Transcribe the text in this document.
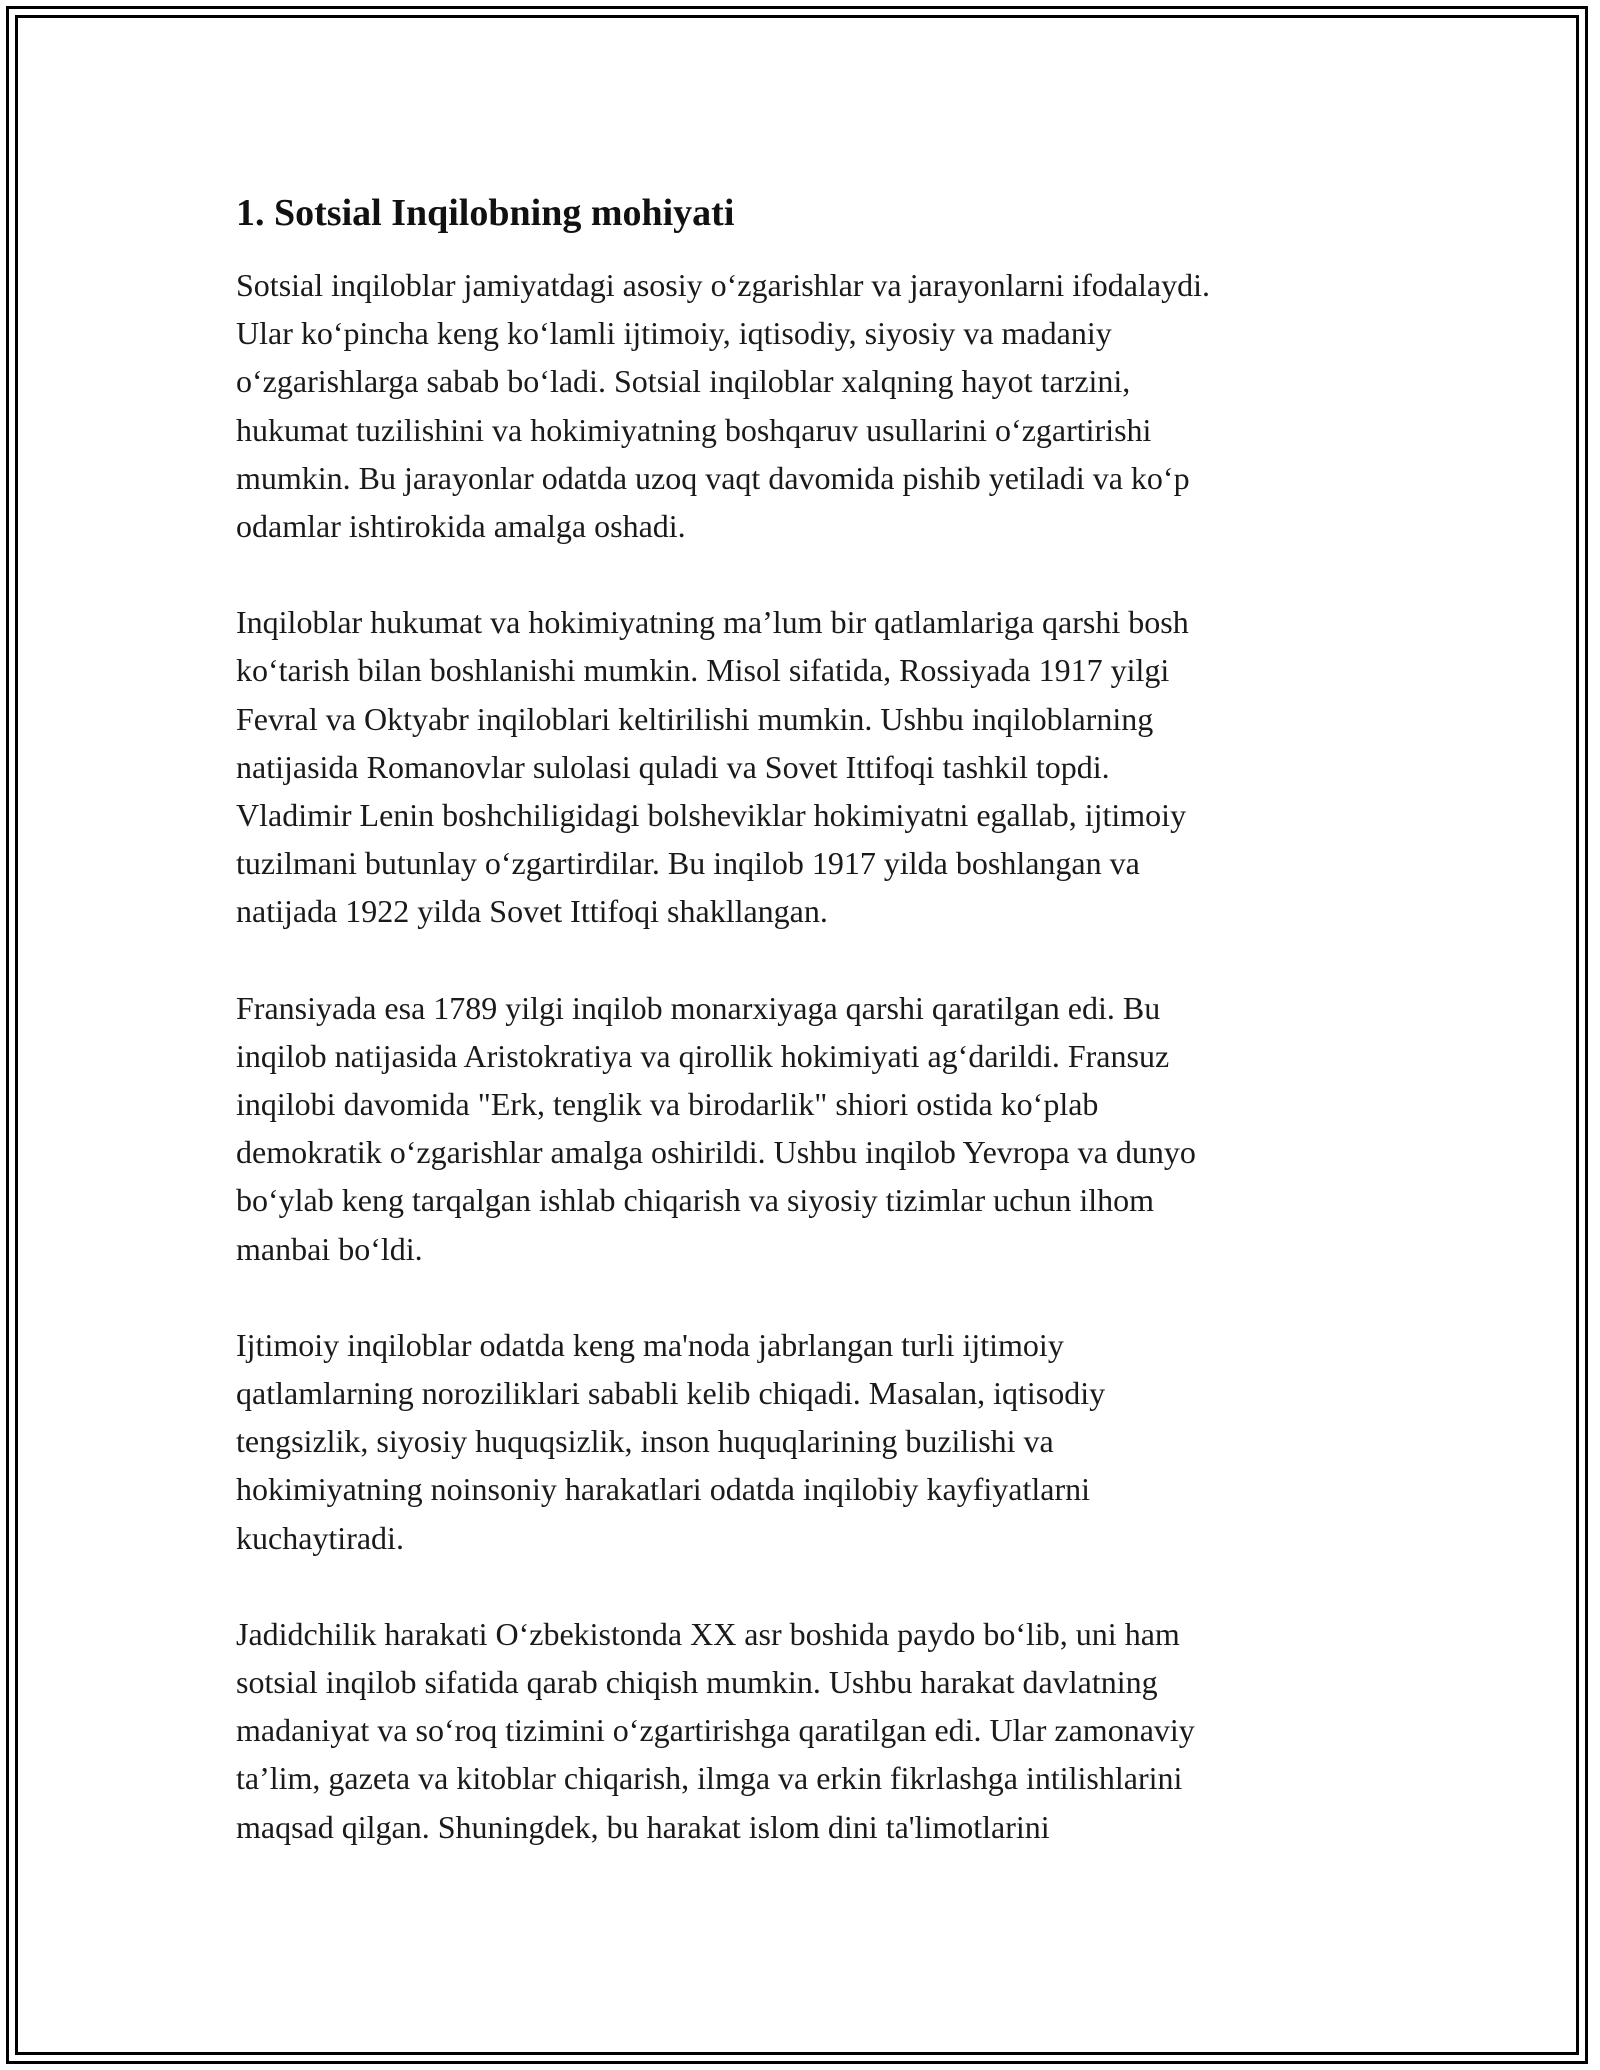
1. Sotsial Inqilobning mohiyati

Sotsial inqiloblar jamiyatdagi asosiy o‘zgarishlar va jarayonlarni ifodalaydi.
Ular ko‘pincha keng ko‘lamli ijtimoiy, iqtisodiy, siyosiy va madaniy
o‘zgarishlarga sabab bo‘ladi. Sotsial inqiloblar xalqning hayot tarzini,
hukumat tuzilishini va hokimiyatning boshqaruv usullarini o‘zgartirishi
mumkin. Bu jarayonlar odatda uzoq vaqt davomida pishib yetiladi va ko‘p
odamlar ishtirokida amalga oshadi.

Inqiloblar hukumat va hokimiyatning ma’lum bir qatlamlariga qarshi bosh
ko‘tarish bilan boshlanishi mumkin. Misol sifatida, Rossiyada 1917 yilgi
Fevral va Oktyabr inqiloblari keltirilishi mumkin. Ushbu inqiloblarning
natijasida Romanovlar sulolasi quladi va Sovet Ittifoqi tashkil topdi.
Vladimir Lenin boshchiligidagi bolsheviklar hokimiyatni egallab, ijtimoiy
tuzilmani butunlay o‘zgartirdilar. Bu inqilob 1917 yilda boshlangan va
natijada 1922 yilda Sovet Ittifoqi shakllangan.

Fransiyada esa 1789 yilgi inqilob monarxiyaga qarshi qaratilgan edi. Bu
inqilob natijasida Aristokratiya va qirollik hokimiyati ag‘darildi. Fransuz
inqilobi davomida "Erk, tenglik va birodarlik" shiori ostida ko‘plab
demokratik o‘zgarishlar amalga oshirildi. Ushbu inqilob Yevropa va dunyo
bo‘ylab keng tarqalgan ishlab chiqarish va siyosiy tizimlar uchun ilhom
manbai bo‘ldi.

Ijtimoiy inqiloblar odatda keng ma'noda jabrlangan turli ijtimoiy
qatlamlarning noroziliklari sababli kelib chiqadi. Masalan, iqtisodiy
tengsizlik, siyosiy huquqsizlik, inson huquqlarining buzilishi va
hokimiyatning noinsoniy harakatlari odatda inqilobiy kayfiyatlarni
kuchaytiradi.

Jadidchilik harakati O‘zbekistonda XX asr boshida paydo bo‘lib, uni ham
sotsial inqilob sifatida qarab chiqish mumkin. Ushbu harakat davlatning
madaniyat va so‘roq tizimini o‘zgartirishga qaratilgan edi. Ular zamonaviy
ta’lim, gazeta va kitoblar chiqarish, ilmga va erkin fikrlashga intilishlarini
maqsad qilgan. Shuningdek, bu harakat islom dini ta'limotlarini
